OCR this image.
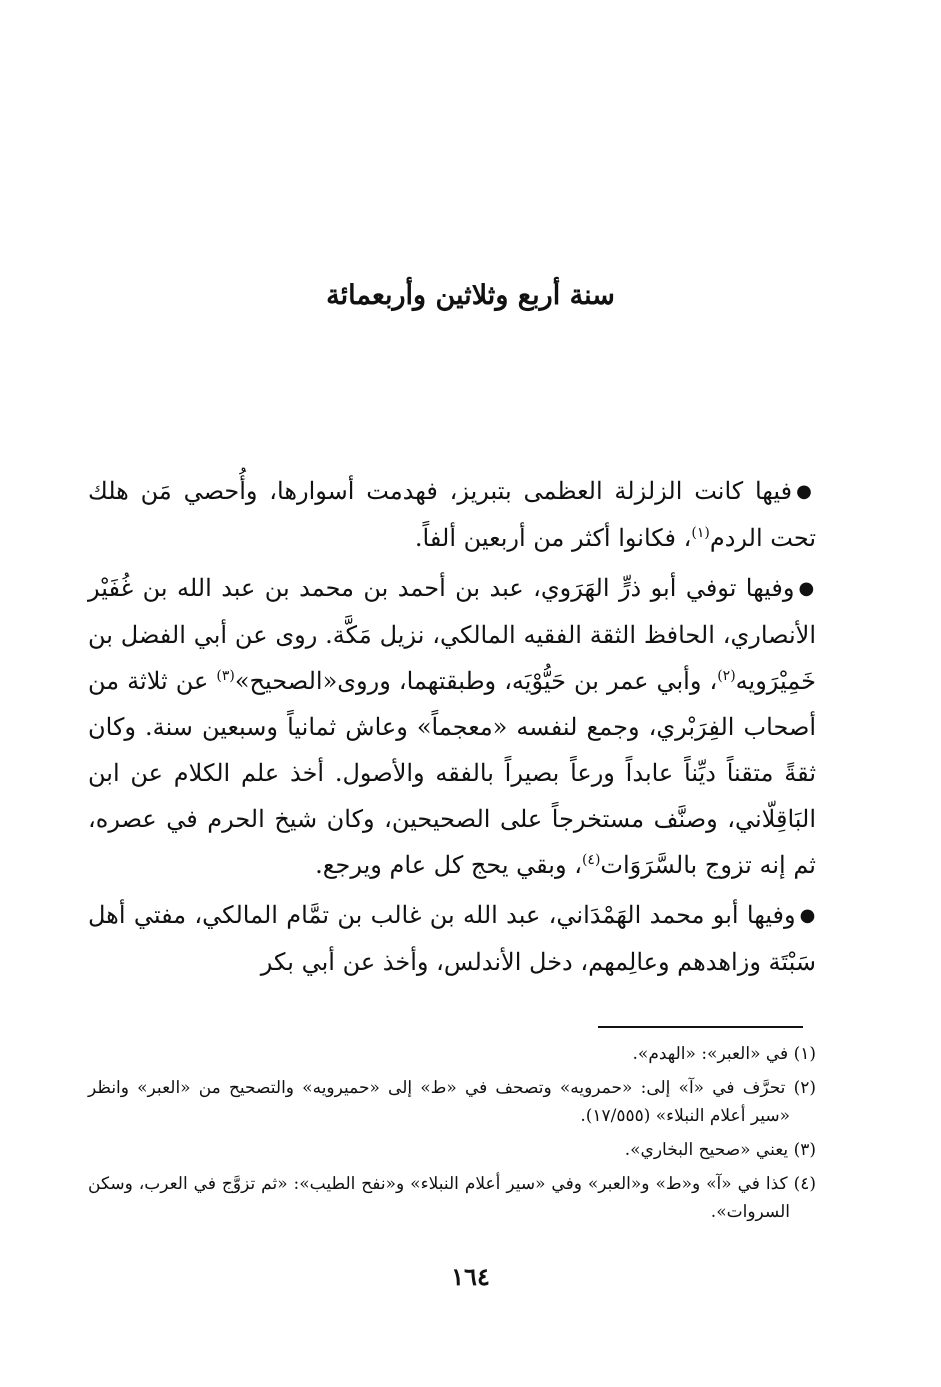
سنة أربع وثلاثين وأربعمائة

●فيها كانت الزلزلة العظمى بتبريز، فهدمت أسوارها، وأُحصي مَن هلك تحت الردم$^{(١)}$، فكانوا أكثر من أربعين ألفاً.

●وفيها توفي أبو ذرٍّ الهَرَوي، عبد بن أحمد بن محمد بن عبد الله بن غُفَيْر الأنصاري، الحافظ الثقة الفقيه المالكي، نزيل مَكَّة. روى عن أبي الفضل بن خَمِيْرَويه$^{(٢)}$، وأبي عمر بن حَيُّوْيَه، وطبقتهما، وروى«الصحيح»$^{(٣)}$ عن ثلاثة من أصحاب الفِرَبْري، وجمع لنفسه «معجماً» وعاش ثمانياً وسبعين سنة. وكان ثقةً متقناً ديِّناً عابداً ورعاً بصيراً بالفقه والأصول. أخذ علم الكلام عن ابن البَاقِلّاني، وصنَّف مستخرجاً على الصحيحين، وكان شيخ الحرم في عصره، ثم إنه تزوج بالسَّرَوَات$^{(٤)}$، وبقي يحج كل عام ويرجع.

●وفيها أبو محمد الهَمْدَاني، عبد الله بن غالب بن تمَّام المالكي، مفتي أهل سَبْتَة وزاهدهم وعالِمهم، دخل الأندلس، وأخذ عن أبي بكر

(١) في «العبر»: «الهدم».

(٢) تحرَّف في «آ» إلى: «حمرويه» وتصحف في «ط» إلى «حميرويه» والتصحيح من «العبر» وانظر «سير أعلام النبلاء» (١٧/٥٥٥).

(٣) يعني «صحيح البخاري».

(٤) كذا في «آ» و«ط» و«العبر» وفي «سير أعلام النبلاء» و«نفح الطيب»: «ثم تزوَّج في العرب، وسكن السروات».

١٦٤
